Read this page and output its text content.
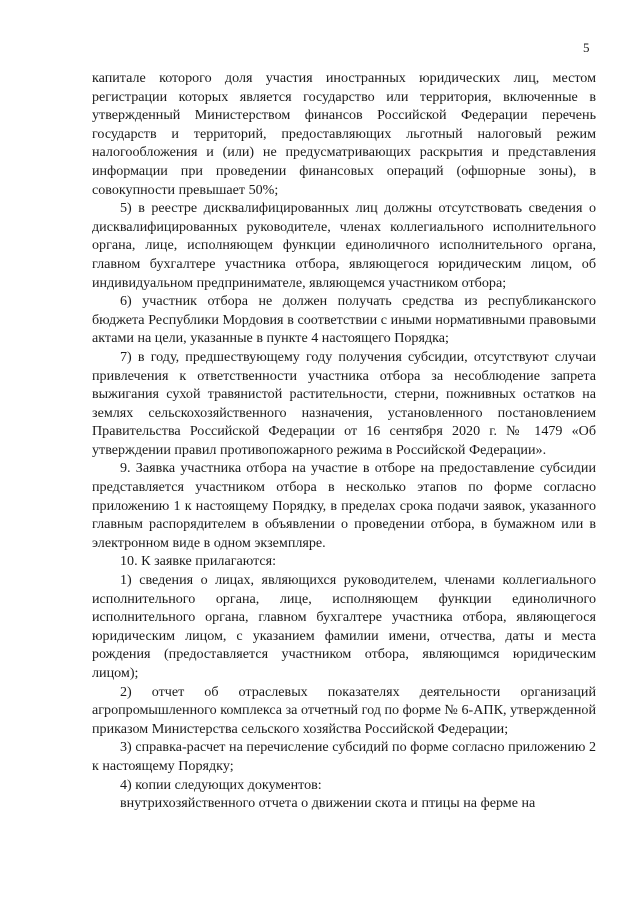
5

капитале которого доля участия иностранных юридических лиц, местом регистрации которых является государство или территория, включенные в утвержденный Министерством финансов Российской Федерации перечень государств и территорий, предоставляющих льготный налоговый режим налогообложения и (или) не предусматривающих раскрытия и представления информации при проведении финансовых операций (офшорные зоны), в совокупности превышает 50%;

5) в реестре дисквалифицированных лиц должны отсутствовать сведения о дисквалифицированных руководителе, членах коллегиального исполнительного органа, лице, исполняющем функции единоличного исполнительного органа, главном бухгалтере участника отбора, являющегося юридическим лицом, об индивидуальном предпринимателе, являющемся участником отбора;

6) участник отбора не должен получать средства из республиканского бюджета Республики Мордовия в соответствии с иными нормативными правовыми актами на цели, указанные в пункте 4 настоящего Порядка;

7) в году, предшествующему году получения субсидии, отсутствуют случаи привлечения к ответственности участника отбора за несоблюдение запрета выжигания сухой травянистой растительности, стерни, пожнивных остатков на землях сельскохозяйственного назначения, установленного постановлением Правительства Российской Федерации от 16 сентября 2020 г. № 1479 «Об утверждении правил противопожарного режима в Российской Федерации».

9. Заявка участника отбора на участие в отборе на предоставление субсидии представляется участником отбора в несколько этапов по форме согласно приложению 1 к настоящему Порядку, в пределах срока подачи заявок, указанного главным распорядителем в объявлении о проведении отбора, в бумажном или в электронном виде в одном экземпляре.

10. К заявке прилагаются:

1) сведения о лицах, являющихся руководителем, членами коллегиального исполнительного органа, лице, исполняющем функции единоличного исполнительного органа, главном бухгалтере участника отбора, являющегося юридическим лицом, с указанием фамилии имени, отчества, даты и места рождения (предоставляется участником отбора, являющимся юридическим лицом);

2) отчет об отраслевых показателях деятельности организаций агропромышленного комплекса за отчетный год по форме № 6-АПК, утвержденной приказом Министерства сельского хозяйства Российской Федерации;

3) справка-расчет на перечисление субсидий по форме согласно приложению 2 к настоящему Порядку;

4) копии следующих документов:

внутрихозяйственного отчета о движении скота и птицы на ферме на
